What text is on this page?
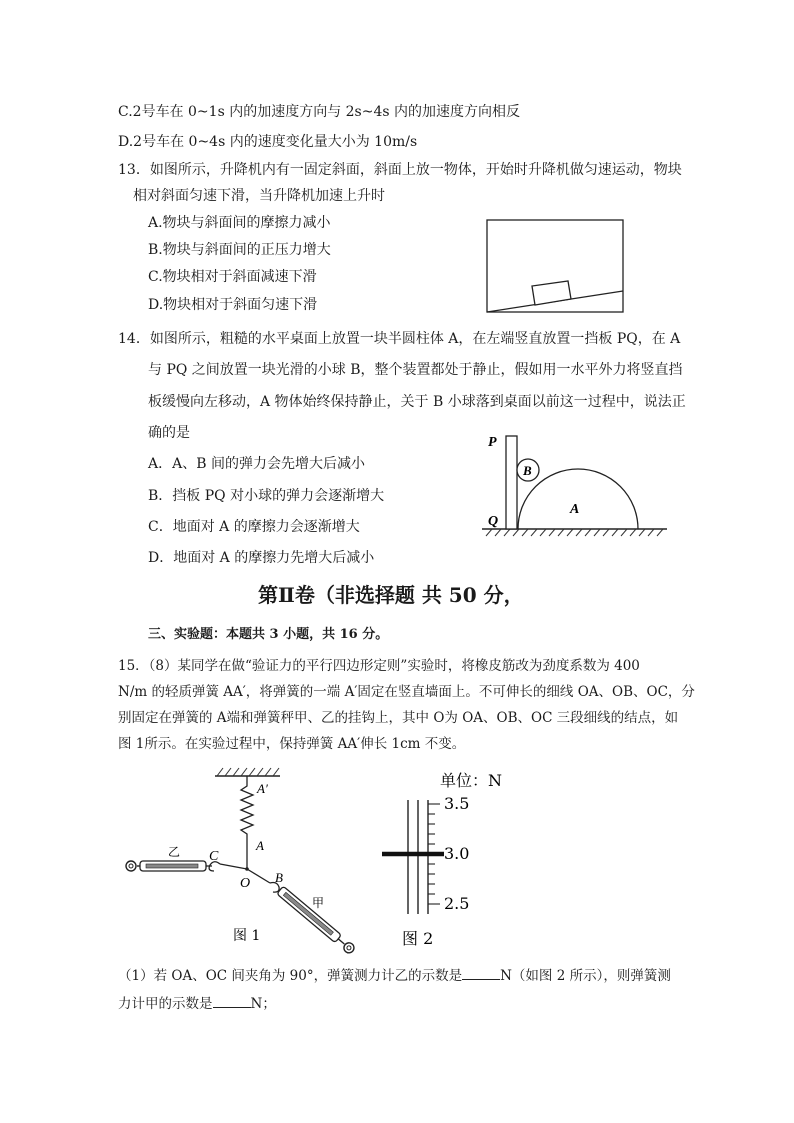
C.2号车在 0~1s 内的加速度方向与 2s~4s 内的加速度方向相反
D.2号车在 0~4s 内的速度变化量大小为 10m/s
13．如图所示，升降机内有一固定斜面，斜面上放一物体，开始时升降机做匀速运动，物块
相对斜面匀速下滑，当升降机加速上升时
A.物块与斜面间的摩擦力减小
B.物块与斜面间的正压力增大
C.物块相对于斜面减速下滑
D.物块相对于斜面匀速下滑
14．如图所示，粗糙的水平桌面上放置一块半圆柱体 A，在左端竖直放置一挡板 PQ，在 A
与 PQ 之间放置一块光滑的小球 B，整个装置都处于静止，假如用一水平外力将竖直挡
板缓慢向左移动，A 物体始终保持静止，关于 B 小球落到桌面以前这一过程中，说法正
确的是
A．A、B 间的弹力会先增大后减小
B．挡板 PQ 对小球的弹力会逐渐增大
C．地面对 A 的摩擦力会逐渐增大
D．地面对 A 的摩擦力先增大后减小
P
Q
B
A
第Ⅱ卷（非选择题 共 50 分，
三、实验题：本题共 3 小题，共 16 分。
15．（8）某同学在做“验证力的平行四边形定则”实验时，将橡皮筋改为劲度系数为 400
N/m 的轻质弹簧 AA′，将弹簧的一端 A′固定在竖直墙面上。不可伸长的细线 OA、OB、OC，分
别固定在弹簧的 A端和弹簧秤甲、乙的挂钩上，其中 O为 OA、OB、OC 三段细线的结点，如
图 1所示。在实验过程中，保持弹簧 AA′伸长 1cm 不变。
A′
A
C
O B
乙
甲
图 1
单位：N
3.5
3.0
2.5
图 2
（1）若 OA、OC 间夹角为 90°，弹簧测力计乙的示数是	N（如图 2 所示），则弹簧测
力计甲的示数是	N；
